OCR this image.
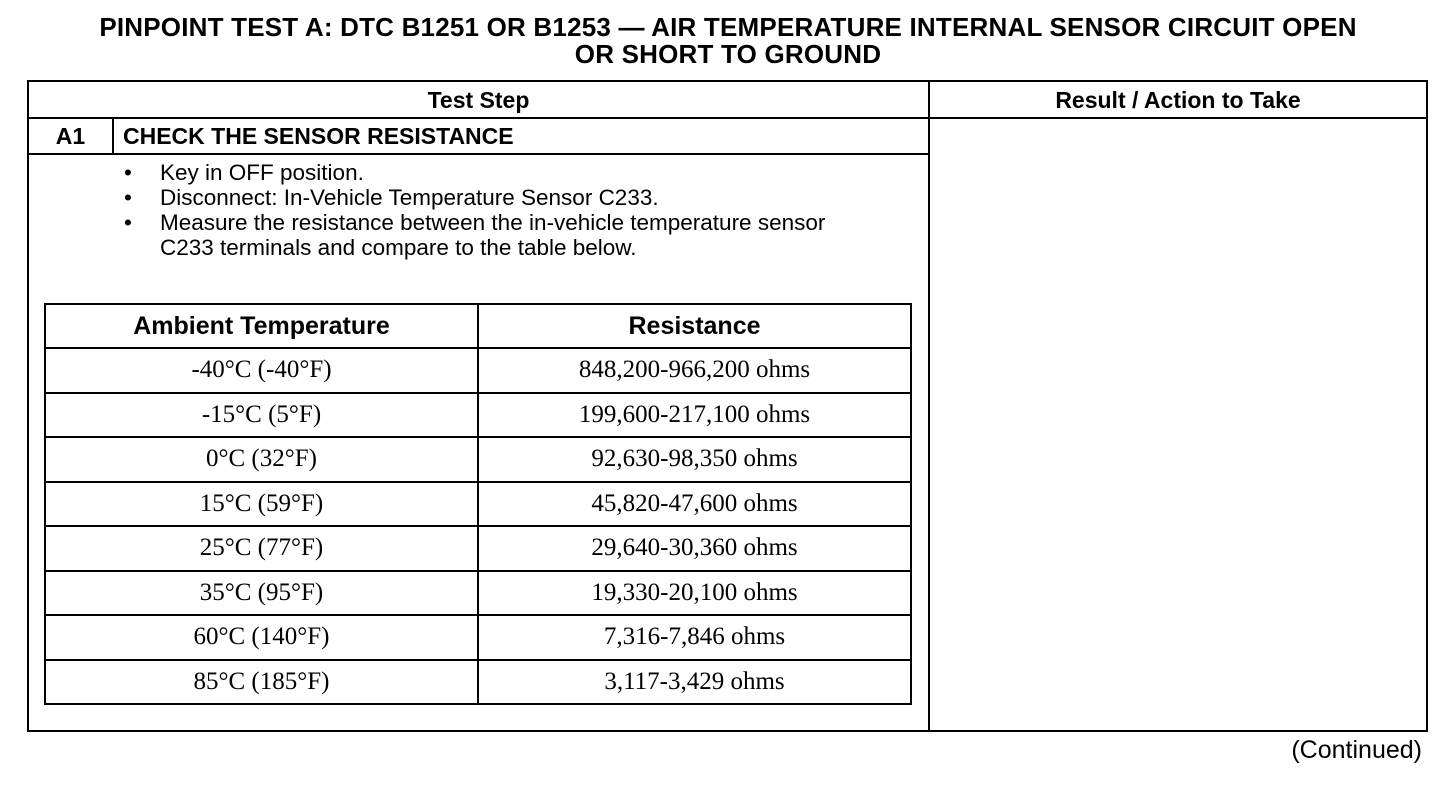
PINPOINT TEST A: DTC B1251 OR B1253 — AIR TEMPERATURE INTERNAL SENSOR CIRCUIT OPEN
OR SHORT TO GROUND
Test Step	Result / Action to Take
A1	CHECK THE SENSOR RESISTANCE
• Key in OFF position.
• Disconnect: In-Vehicle Temperature Sensor C233.
• Measure the resistance between the in-vehicle temperature sensor C233 terminals and compare to the table below.
Ambient Temperature	Resistance
-40°C (-40°F)	848,200-966,200 ohms
-15°C (5°F)	199,600-217,100 ohms
0°C (32°F)	92,630-98,350 ohms
15°C (59°F)	45,820-47,600 ohms
25°C (77°F)	29,640-30,360 ohms
35°C (95°F)	19,330-20,100 ohms
60°C (140°F)	7,316-7,846 ohms
85°C (185°F)	3,117-3,429 ohms
(Continued)
